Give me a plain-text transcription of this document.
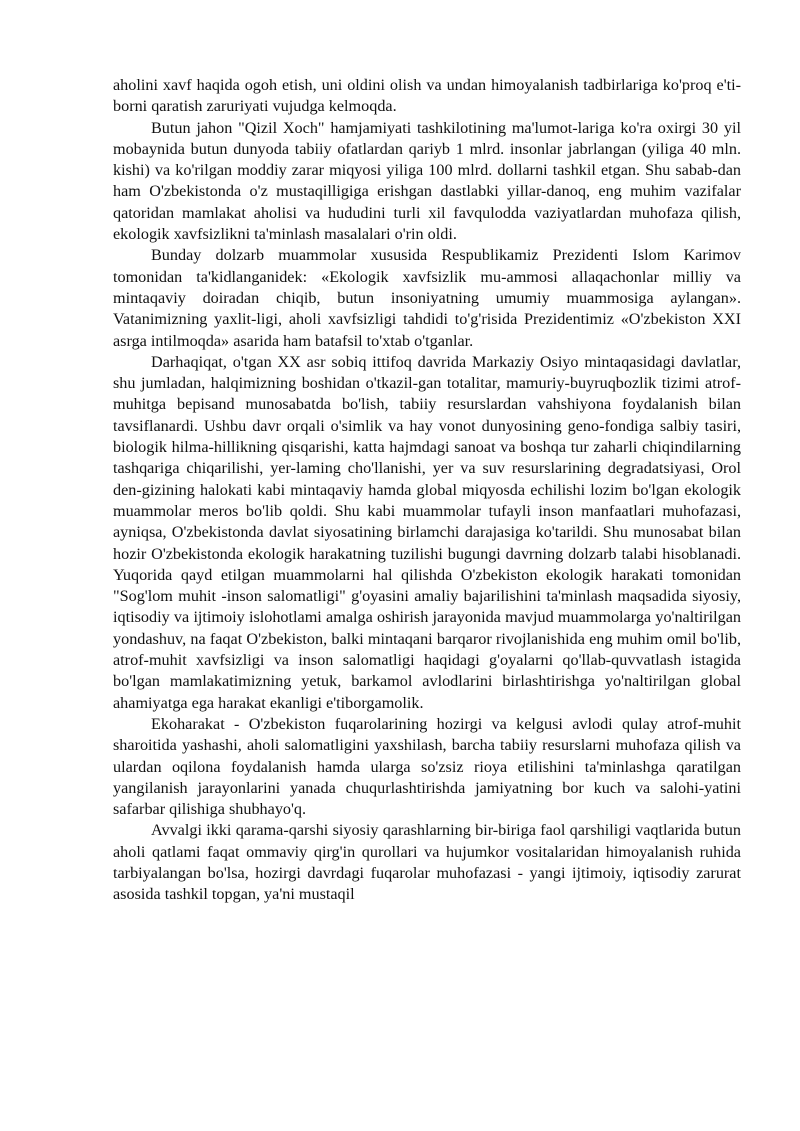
aholini xavf haqida ogoh etish, uni oldini olish va undan himoyalanish tadbirlariga ko'proq e'ti-borni qaratish zaruriyati vujudga kelmoqda.

Butun jahon "Qizil Xoch" hamjamiyati tashkilotining ma'lumot-lariga ko'ra oxirgi 30 yil mobaynida butun dunyoda tabiiy ofatlardan qariyb 1 mlrd. insonlar jabrlangan (yiliga 40 mln. kishi) va ko'rilgan moddiy zarar miqyosi yiliga 100 mlrd. dollarni tashkil etgan. Shu sabab-dan ham O'zbekistonda o'z mustaqilligiga erishgan dastlabki yillar-danoq, eng muhim vazifalar qatoridan mamlakat aholisi va hududini turli xil favqulodda vaziyatlardan muhofaza qilish, ekologik xavfsizlikni ta'minlash masalalari o'rin oldi.

Bunday dolzarb muammolar xususida Respublikamiz Prezidenti Islom Karimov tomonidan ta'kidlanganidek: «Ekologik xavfsizlik mu-ammosi allaqachonlar milliy va mintaqaviy doiradan chiqib, butun insoniyatning umumiy muammosiga aylangan». Vatanimizning yaxlit-ligi, aholi xavfsizligi tahdidi to'g'risida Prezidentimiz «O'zbekiston XXI asrga intilmoqda» asarida ham batafsil to'xtab o'tganlar.

Darhaqiqat, o'tgan XX asr sobiq ittifoq davrida Markaziy Osiyo mintaqasidagi davlatlar, shu jumladan, halqimizning boshidan o'tkazil-gan totalitar, mamuriy-buyruqbozlik tizimi atrof-muhitga bepisand munosabatda bo'lish, tabiiy resurslardan vahshiyona foydalanish bilan tavsiflanardi. Ushbu davr orqali o'simlik va hay vonot dunyosining geno-fondiga salbiy tasiri, biologik hilma-hillikning qisqarishi, katta hajmdagi sanoat va boshqa tur zaharli chiqindilarning tashqariga chiqarilishi, yer-laming cho'llanishi, yer va suv resurslarining degradatsiyasi, Orol den-gizining halokati kabi mintaqaviy hamda global miqyosda echilishi lozim bo'lgan ekologik muammolar meros bo'lib qoldi. Shu kabi muammolar tufayli inson manfaatlari muhofazasi, ayniqsa, O'zbekistonda davlat siyosatining birlamchi darajasiga ko'tarildi. Shu munosabat bilan hozir O'zbekistonda ekologik harakatning tuzilishi bugungi davrning dolzarb talabi hisoblanadi. Yuqorida qayd etilgan muammolarni hal qilishda O'zbekiston ekologik harakati tomonidan "Sog'lom muhit -inson salomatligi" g'oyasini amaliy bajarilishini ta'minlash maqsadida siyosiy, iqtisodiy va ijtimoiy islohotlami amalga oshirish jarayonida mavjud muammolarga yo'naltirilgan yondashuv, na faqat O'zbekiston, balki mintaqani barqaror rivojlanishida eng muhim omil bo'lib, atrof-muhit xavfsizligi va inson salomatligi haqidagi g'oyalarni qo'llab-quvvatlash istagida bo'lgan mamlakatimizning yetuk, barkamol avlodlarini birlashtirishga yo'naltirilgan global ahamiyatga ega harakat ekanligi e'tiborgamolik.

Ekoharakat - O'zbekiston fuqarolarining hozirgi va kelgusi avlodi qulay atrof-muhit sharoitida yashashi, aholi salomatligini yaxshilash, barcha tabiiy resurslarni muhofaza qilish va ulardan oqilona foydalanish hamda ularga so'zsiz rioya etilishini ta'minlashga qaratilgan yangilanish jarayonlarini yanada chuqurlashtirishda jamiyatning bor kuch va salohi-yatini safarbar qilishiga shubhayo'q.

Avvalgi ikki qarama-qarshi siyosiy qarashlarning bir-biriga faol qarshiligi vaqtlarida butun aholi qatlami faqat ommaviy qirg'in qurollari va hujumkor vositalaridan himoyalanish ruhida tarbiyalangan bo'lsa, hozirgi davrdagi fuqarolar muhofazasi - yangi ijtimoiy, iqtisodiy zarurat asosida tashkil topgan, ya'ni mustaqil
